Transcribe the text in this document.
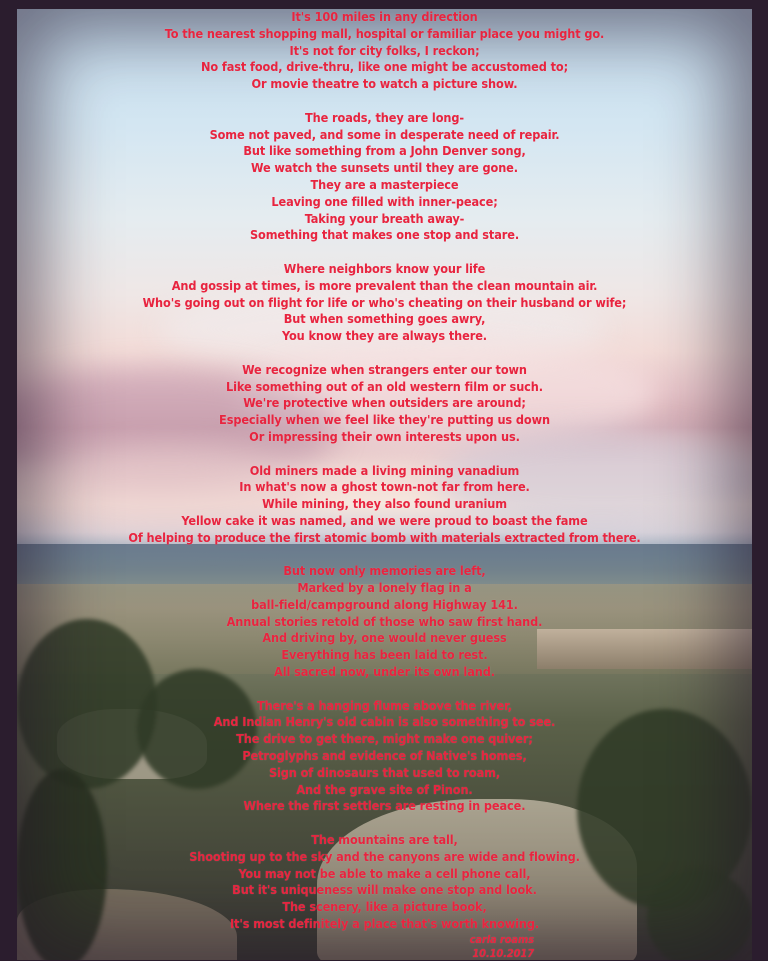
It's 100 miles in any direction
To the nearest shopping mall, hospital or familiar place you might go.
It's not for city folks, I reckon;
No fast food, drive-thru, like one might be accustomed to;
Or movie theatre to watch a picture show.
The roads, they are long-
Some not paved, and some in desperate need of repair.
But like something from a John Denver song,
We watch the sunsets until they are gone.
They are a masterpiece
Leaving one filled with inner-peace;
Taking your breath away-
Something that makes one stop and stare.
Where neighbors know your life
And gossip at times, is more prevalent than the clean mountain air.
Who's going out on flight for life or who's cheating on their husband or wife;
But when something goes awry,
You know they are always there.
We recognize when strangers enter our town
Like something out of an old western film or such.
We're protective when outsiders are around;
Especially when we feel like they're putting us down
Or impressing their own interests upon us.
Old miners made a living mining vanadium
In what's now a ghost town-not far from here.
While mining, they also found uranium
Yellow cake it was named, and we were proud to boast the fame
Of helping to produce the first atomic bomb with materials extracted from there.
But now only memories are left,
Marked by a lonely flag in a
ball-field/campground along Highway 141.
Annual stories retold of those who saw first hand.
And driving by, one would never guess
Everything has been laid to rest.
All sacred now, under its own land.
There's a hanging flume above the river,
And Indian Henry's old cabin is also something to see.
The drive to get there, might make one quiver;
Petroglyphs and evidence of Native's homes,
Sign of dinosaurs that used to roam,
And the grave site of Pinon.
Where the first settlers are resting in peace.
The mountains are tall,
Shooting up to the sky and the canyons are wide and flowing.
You may not be able to make a cell phone call,
But it's uniqueness will make one stop and look.
The scenery, like a picture book,
It's most definitely a place that's worth knowing.
carla roams
10.10.2017
